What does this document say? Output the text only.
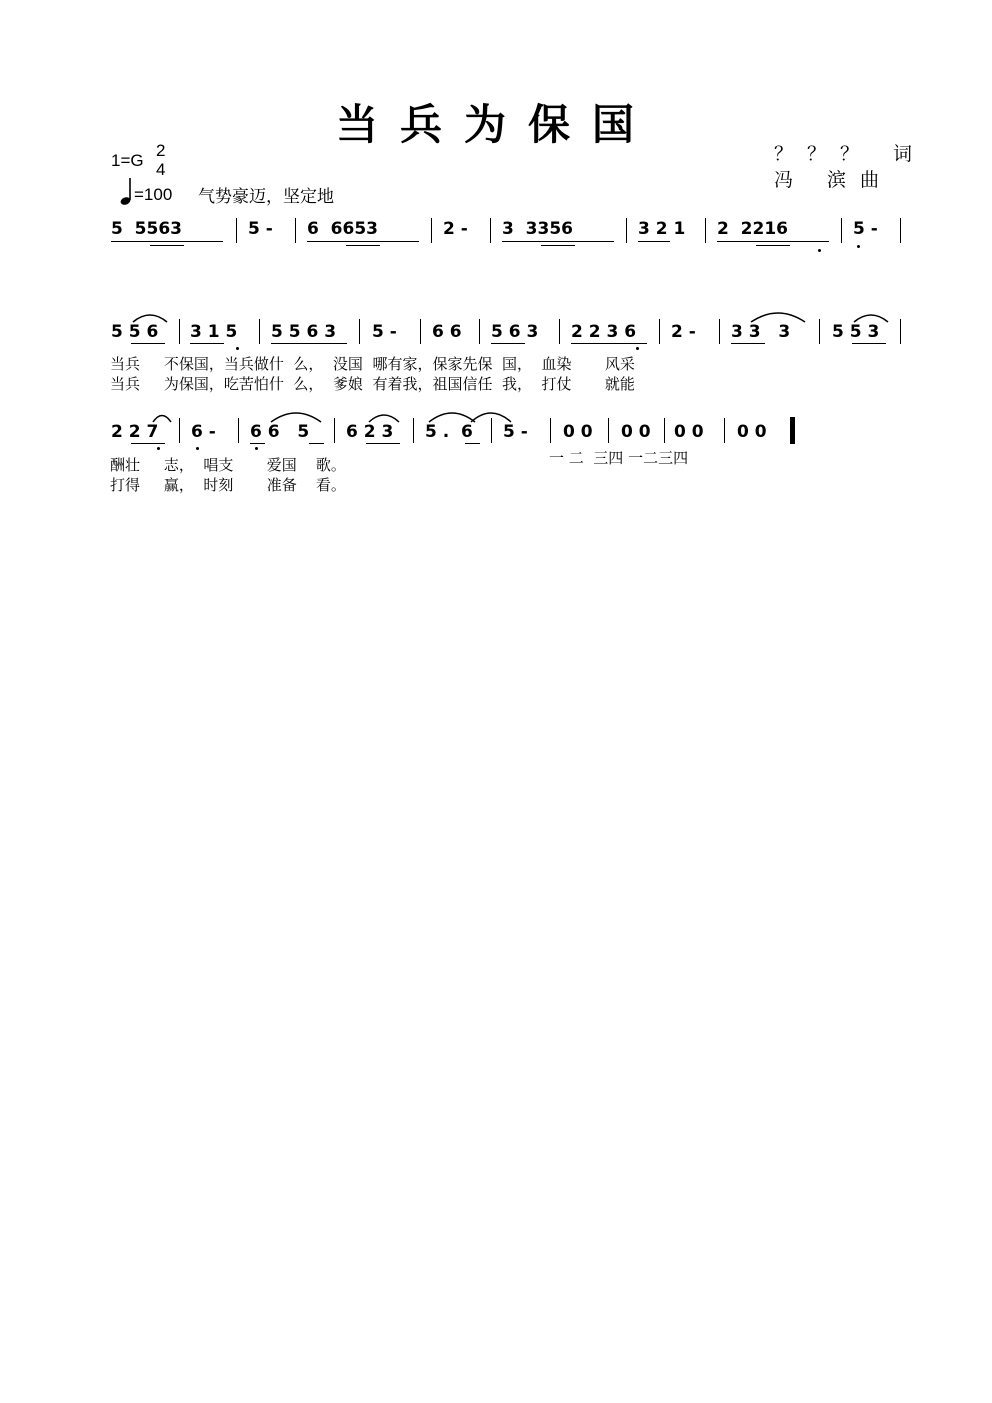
当兵为保国
1=G
2
4
=100 气势豪迈，坚定地
？？？ 词
冯 滨曲
5  5563	5 - 6  6653	2 - 3  3356	3 2 1 2  2216	5 -
5 5 6 3 1 5 5 5 6 3 5 - 6 6 5 6 3 2 2 3 6 2 - 3 3   3 5 5 3
当兵     不保国，当兵做什  么，  没国  哪有家，保家先保  国，  血染       风采
当兵     为保国，吃苦怕什  么，  爹娘  有着我，祖国信任  我，  打仗       就能
2 2 7 6 - 6 6   5 6 2 3 5 .  6 5 - 0 0 0 0 0 0 0 0
酬壮     志，  唱支       爱国    歌。
打得     赢，  时刻       准备    看。
一 二  三四 一二三四
